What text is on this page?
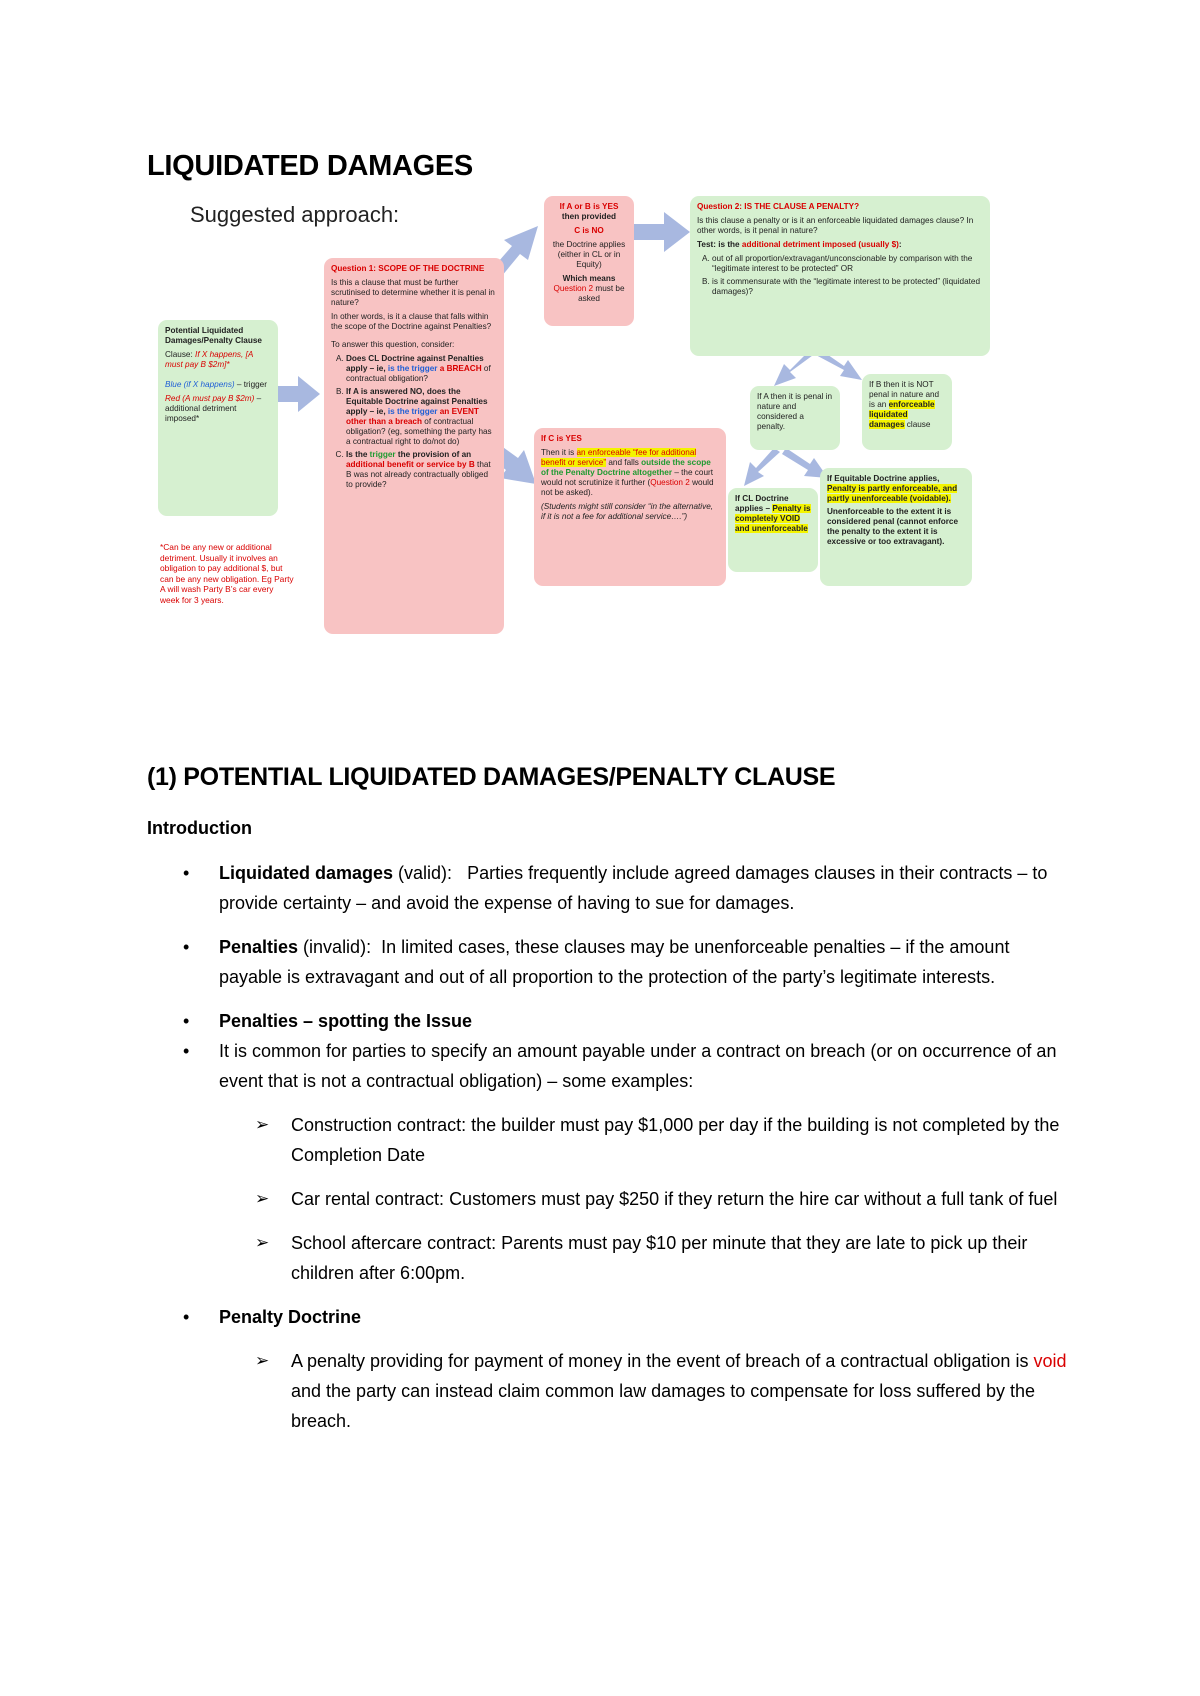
LIQUIDATED DAMAGES
Suggested approach:

Potential Liquidated Damages/Penalty Clause

Clause: If X happens, [A must pay B $2m]*

Blue (if X happens) – trigger

Red (A must pay B $2m) – additional detriment imposed*

*Can be any new or additional detriment. Usually it involves an obligation to pay additional $, but can be any new obligation. Eg Party A will wash Party B’s car every week for 3 years.

Question 1: SCOPE OF THE DOCTRINE

Is this a clause that must be further scrutinised to determine whether it is penal in nature?

In other words, is it a clause that falls within the scope of the Doctrine against Penalties?

To answer this question, consider:

A. Does CL Doctrine against Penalties apply – ie, is the trigger a BREACH of contractual obligation?
B. If A is answered NO, does the Equitable Doctrine against Penalties apply – ie, is the trigger an EVENT other than a breach of contractual obligation? (eg, something the party has a contractual right to do/not do)
C. Is the trigger the provision of an additional benefit or service by B that B was not already contractually obliged to provide?

If A or B is YES

then provided

C is NO

the Doctrine applies (either in CL or in Equity)

Which means

Question 2 must be asked

If C is YES

Then it is an enforceable “fee for additional benefit or service” and falls outside the scope of the Penalty Doctrine altogether – the court would not scrutinize it further (Question 2 would not be asked).

(Students might still consider “in the alternative, if it is not a fee for additional service….”)

Question 2: IS THE CLAUSE A PENALTY?

Is this clause a penalty or is it an enforceable liquidated damages clause? In other words, is it penal in nature?

Test: is the additional detriment imposed (usually $):

A. out of all proportion/extravagant/unconscionable by comparison with the “legitimate interest to be protected” OR
B. is it commensurate with the “legitimate interest to be protected” (liquidated damages)?

If A then it is penal in nature and considered a penalty.

If B then it is NOT penal in nature and is an enforceable liquidated damages clause

If CL Doctrine applies – Penalty is completely VOID and unenforceable

If Equitable Doctrine applies, Penalty is partly enforceable, and partly unenforceable (voidable).

Unenforceable to the extent it is considered penal (cannot enforce the penalty to the extent it is excessive or too extravagant).

(1) POTENTIAL LIQUIDATED DAMAGES/PENALTY CLAUSE
Introduction
• Liquidated damages (valid): Parties frequently include agreed damages clauses in their contracts – to provide certainty – and avoid the expense of having to sue for damages.
• Penalties (invalid): In limited cases, these clauses may be unenforceable penalties – if the amount payable is extravagant and out of all proportion to the protection of the party’s legitimate interests.
• Penalties – spotting the Issue
• It is common for parties to specify an amount payable under a contract on breach (or on occurrence of an event that is not a contractual obligation) – some examples:
➢ Construction contract: the builder must pay $1,000 per day if the building is not completed by the Completion Date
➢ Car rental contract: Customers must pay $250 if they return the hire car without a full tank of fuel
➢ School aftercare contract: Parents must pay $10 per minute that they are late to pick up their children after 6:00pm.
• Penalty Doctrine
➢ A penalty providing for payment of money in the event of breach of a contractual obligation is void and the party can instead claim common law damages to compensate for loss suffered by the breach.
